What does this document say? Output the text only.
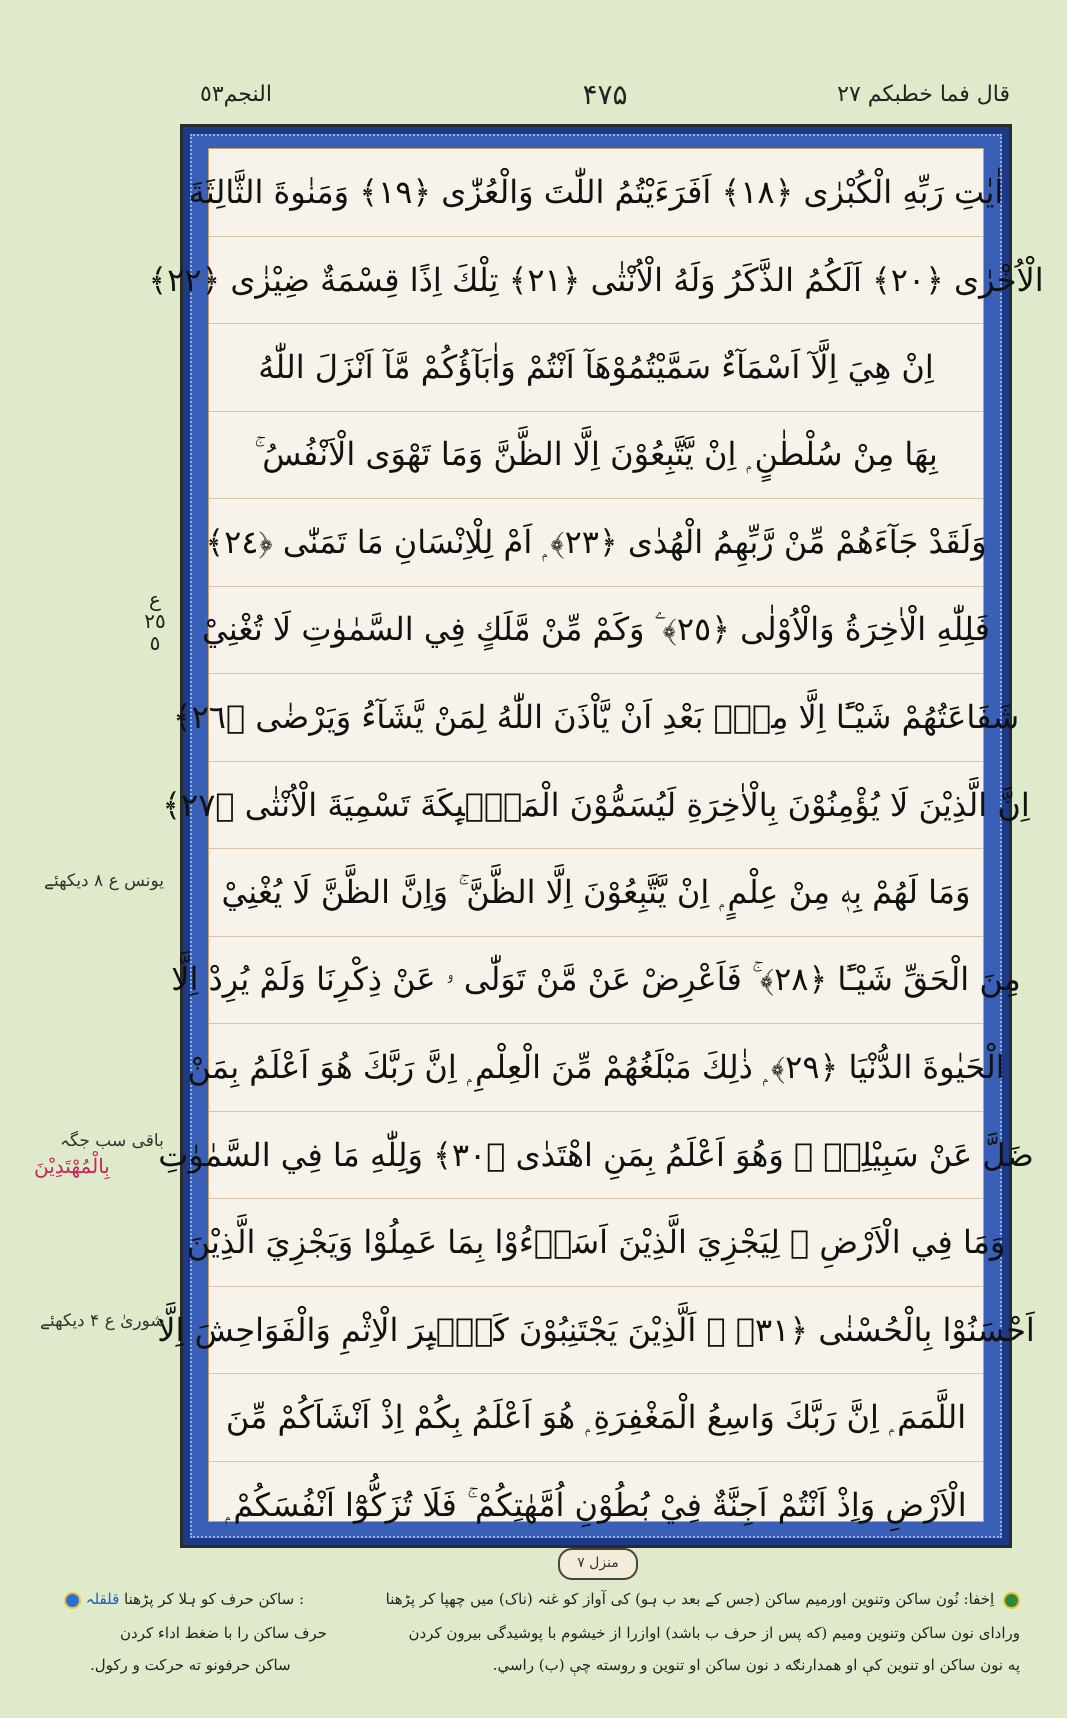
النجم٥٣	۴۷۵	قال فما خطبکم ٢٧
اٰيٰتِ رَبِّهِ الْكُبْرٰى ﴿١٨﴾ اَفَرَءَيْتُمُ اللّٰتَ وَالْعُزّٰى ﴿١٩﴾ وَمَنٰوةَ الثَّالِثَةَ
الْاُخْرٰى ﴿٢٠﴾ اَلَكُمُ الذَّكَرُ وَلَهُ الْاُنْثٰى ﴿٢١﴾ تِلْكَ اِذًا قِسْمَةٌ ضِيْزٰى ﴿٢٢﴾
اِنْ هِيَ اِلَّآ اَسْمَآءٌ سَمَّيْتُمُوْهَآ اَنْتُمْ وَاٰبَآؤُكُمْ مَّآ اَنْزَلَ اللّٰهُ
بِهَا مِنْ سُلْطٰنٍ ۭ اِنْ يَّتَّبِعُوْنَ اِلَّا الظَّنَّ وَمَا تَهْوَى الْاَنْفُسُ ۚ
وَلَقَدْ جَآءَهُمْ مِّنْ رَّبِّهِمُ الْهُدٰى ﴿٢٣﴾ ۭ اَمْ لِلْاِنْسَانِ مَا تَمَنّٰى ﴿٢٤﴾
فَلِلّٰهِ الْاٰخِرَةُ وَالْاُوْلٰى ﴿٢٥﴾ ۧ وَكَمْ مِّنْ مَّلَكٍ فِي السَّمٰوٰتِ لَا تُغْنِيْ
شَفَاعَتُهُمْ شَيْـًٔا اِلَّا مِنْۢ بَعْدِ اَنْ يَّاْذَنَ اللّٰهُ لِمَنْ يَّشَآءُ وَيَرْضٰى ﴿٢٦﴾
اِنَّ الَّذِيْنَ لَا يُؤْمِنُوْنَ بِالْاٰخِرَةِ لَيُسَمُّوْنَ الْمَلٰۗىِٕكَةَ تَسْمِيَةَ الْاُنْثٰى ﴿٢٧﴾
وَمَا لَهُمْ بِهٖ مِنْ عِلْمٍ ۭ اِنْ يَّتَّبِعُوْنَ اِلَّا الظَّنَّ ۚ وَاِنَّ الظَّنَّ لَا يُغْنِيْ
مِنَ الْحَقِّ شَيْـًٔا ﴿٢٨﴾ ۚ فَاَعْرِضْ عَنْ مَّنْ تَوَلّٰى ۥ عَنْ ذِكْرِنَا وَلَمْ يُرِدْ اِلَّا
الْحَيٰوةَ الدُّنْيَا ﴿٢٩﴾ ۭ ذٰلِكَ مَبْلَغُهُمْ مِّنَ الْعِلْمِ ۭ اِنَّ رَبَّكَ هُوَ اَعْلَمُ بِمَنْ
ضَلَّ عَنْ سَبِيْلِهٖ ۙ وَهُوَ اَعْلَمُ بِمَنِ اهْتَدٰى ﴿٣٠﴾ وَلِلّٰهِ مَا فِي السَّمٰوٰتِ
وَمَا فِي الْاَرْضِ ۙ لِيَجْزِيَ الَّذِيْنَ اَسَاۗءُوْا بِمَا عَمِلُوْا وَيَجْزِيَ الَّذِيْنَ
اَحْسَنُوْا بِالْحُسْنٰى ﴿٣١﴾ ۚ اَلَّذِيْنَ يَجْتَنِبُوْنَ كَبٰۗىِٕرَ الْاِثْمِ وَالْفَوَاحِشَ اِلَّا
اللَّمَمَ ۭ اِنَّ رَبَّكَ وَاسِعُ الْمَغْفِرَةِ ۭ هُوَ اَعْلَمُ بِكُمْ اِذْ اَنْشَاَكُمْ مِّنَ
الْاَرْضِ وَاِذْ اَنْتُمْ اَجِنَّةٌ فِيْ بُطُوْنِ اُمَّهٰتِكُمْ ۚ فَلَا تُزَكُّوْٓا اَنْفُسَكُمْ ۭ
منزل ٧
ع ٢٥ ٥
یونس ع ۸ دیکھئے
باقی سب جگہ
بِالْمُهْتَدِيْنَ
شوریٰ ع ۴ دیکھئے
اِخفا: نُون ساکن وتنوین اورمیم ساکن (جس کے بعد ب ہو) کی آواز کو غنہ (ناک) میں چھپا کر پڑھنا
: ساکن حرف کو ہلا کر پڑھنا قلقلہ
وراداى نون ساكن وتنوين وميم (كه پس از حرف ب باشد) اوازرا از خيشوم با پوشيدگى بيرون كردن
حرف ساكن را با ضغط اداء كردن
په نون ساکن او تنوین کې او همدارنګه د نون ساکن او تنوین و روسته چې (ب) راسي.
ساکن حرفونو ته حرکت و رکول.
